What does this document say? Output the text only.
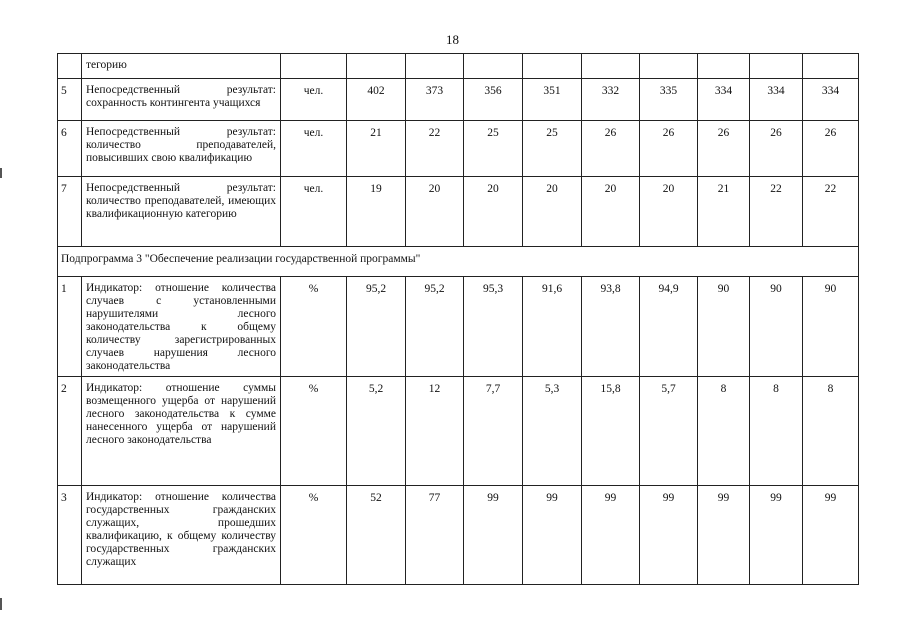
18
	тегорию										
5	Непосредственный результат: сохранность контингента учащихся	чел.	402	373	356	351	332	335	334	334	334
6	Непосредственный результат: количество преподавателей, повысивших свою квалификацию	чел.	21	22	25	25	26	26	26	26	26
7	Непосредственный результат: количество преподавателей, имеющих квалификационную категорию	чел.	19	20	20	20	20	20	21	22	22
Подпрограмма 3 "Обеспечение реализации государственной программы"											
1	Индикатор: отношение количества случаев с установленными нарушителями лесного законодательства к общему количеству зарегистрированных случаев нарушения лесного законодательства	%	95,2	95,2	95,3	91,6	93,8	94,9	90	90	90
2	Индикатор: отношение суммы возмещенного ущерба от нарушений лесного законодательства к сумме нанесенного ущерба от нарушений лесного законодательства	%	5,2	12	7,7	5,3	15,8	5,7	8	8	8
3	Индикатор: отношение количества государственных гражданских служащих, прошедших квалификацию, к общему количеству государственных гражданских служащих	%	52	77	99	99	99	99	99	99	99
